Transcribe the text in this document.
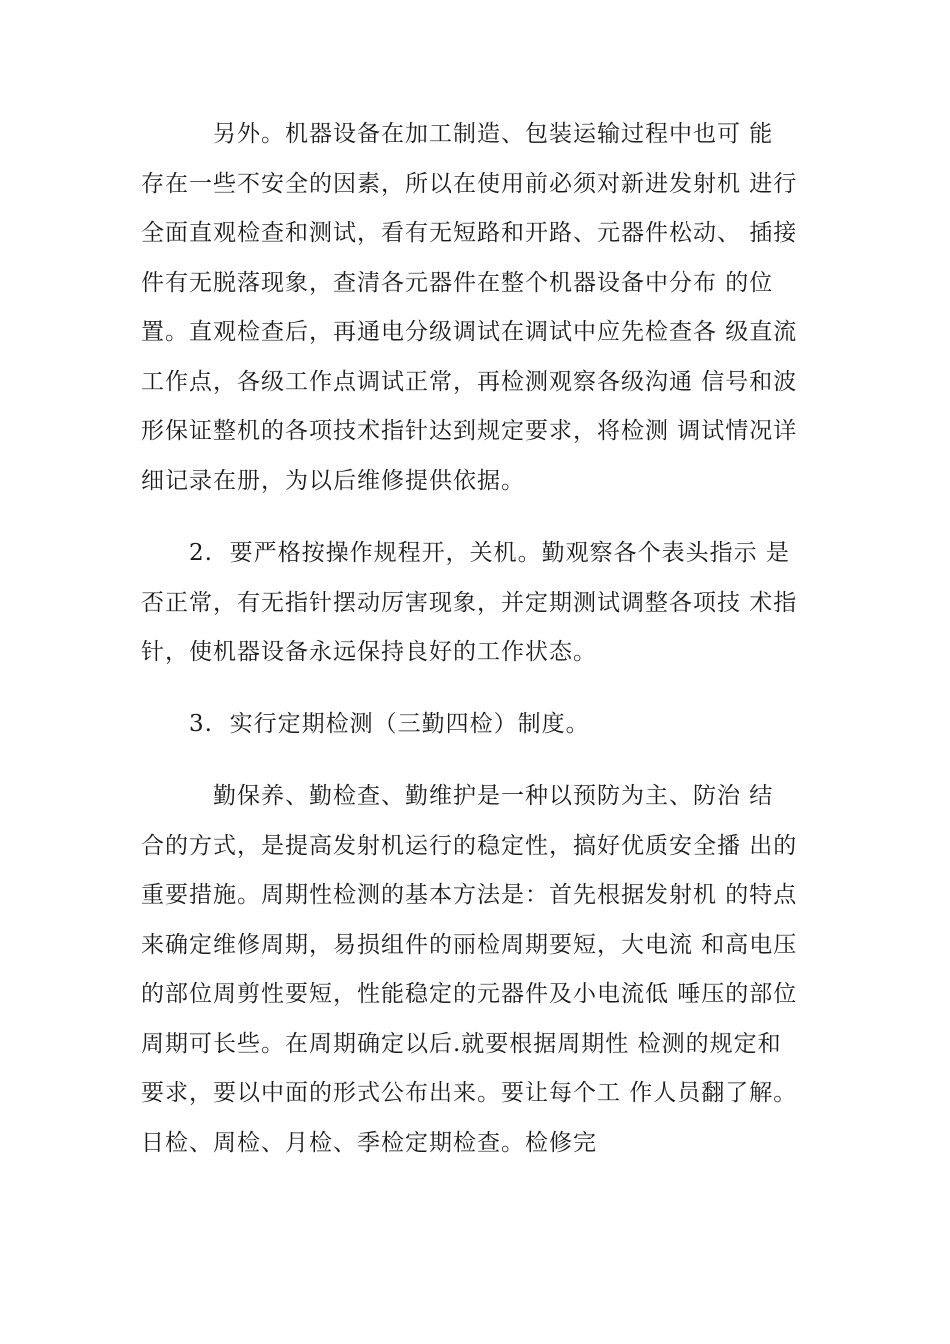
　　　另外。机器设备在加工制造、包装运输过程中也可 能
存在一些不安全的因素，所以在使用前必须对新进发射机 进行
全面直观检查和测试，看有无短路和开路、元器件松动、 插接
件有无脱落现象，查清各元器件在整个机器设备中分布 的位
置。直观检查后，再通电分级调试在调试中应先检查各 级直流
工作点，各级工作点调试正常，再检测观察各级沟通 信号和波
形保证整机的各项技术指针达到规定要求，将检测 调试情况详
细记录在册，为以后维修提供依据。
　　2.  要严格按操作规程开，关机。勤观察各个表头指示 是
否正常，有无指针摆动厉害现象，并定期测试调整各项技 术指
针，使机器设备永远保持良好的工作状态。
　　3.  实行定期检测（三勤四检）制度。
　　　勤保养、勤检查、勤维护是一种以预防为主、防治 结
合的方式，是提高发射机运行的稳定性，搞好优质安全播 出的
重要措施。周期性检测的基本方法是：首先根据发射机 的特点
来确定维修周期，易损组件的丽检周期要短，大电流 和高电压
的部位周剪性要短，性能稳定的元器件及小电流低 唾压的部位
周期可长些。在周期确定以后.就要根据周期性 检测的规定和
要求，要以中面的形式公布出来。要让每个工 作人员翻了解。
日检、周检、月检、季检定期检查。检修完
